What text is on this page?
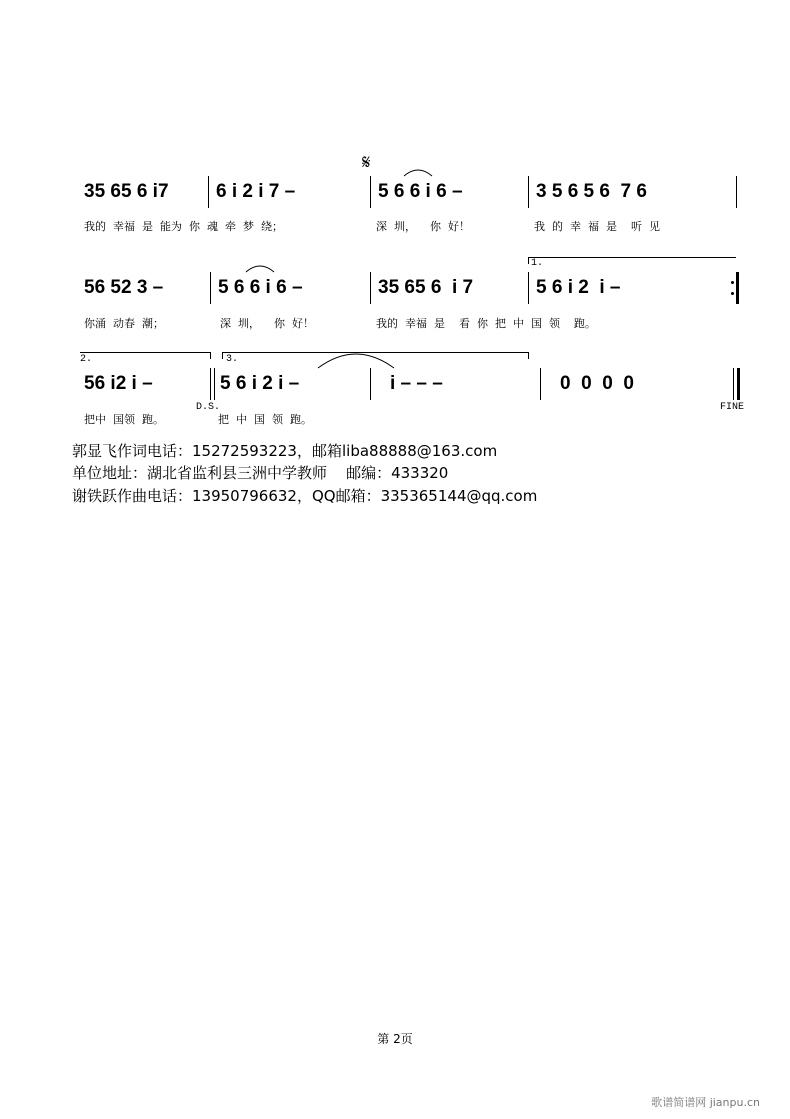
𝄋
35 65 6 i7 6 i 2 i 7 –	5 6 6 i 6 –	3 5 6 5 6  7 6
我的  幸福  是  能为  你  魂  牵  梦  绕；	深  圳，    你  好！	我  的  幸  福  是    听  见
1.
56 52 3 –	5 6 6 i 6 –	35 65 6  i 7	5 6 i 2  i –
你涌  动春  潮；	深  圳，    你  好！	我的  幸福  是    看  你  把  中  国  领    跑。
2.	3.
56 i2 i –	5 6 i 2 i –	i – – –	0  0  0  0
D.S.	FINE
把中  国领  跑。	把  中  国  领  跑。
郭显飞作词电话：15272593223，邮箱liba88888@163.com
单位地址：湖北省监利县三洲中学教师    邮编：433320
谢铁跃作曲电话：13950796632，QQ邮箱：335365144@qq.com
第 2页
歌谱简谱网 jianpu.cn
